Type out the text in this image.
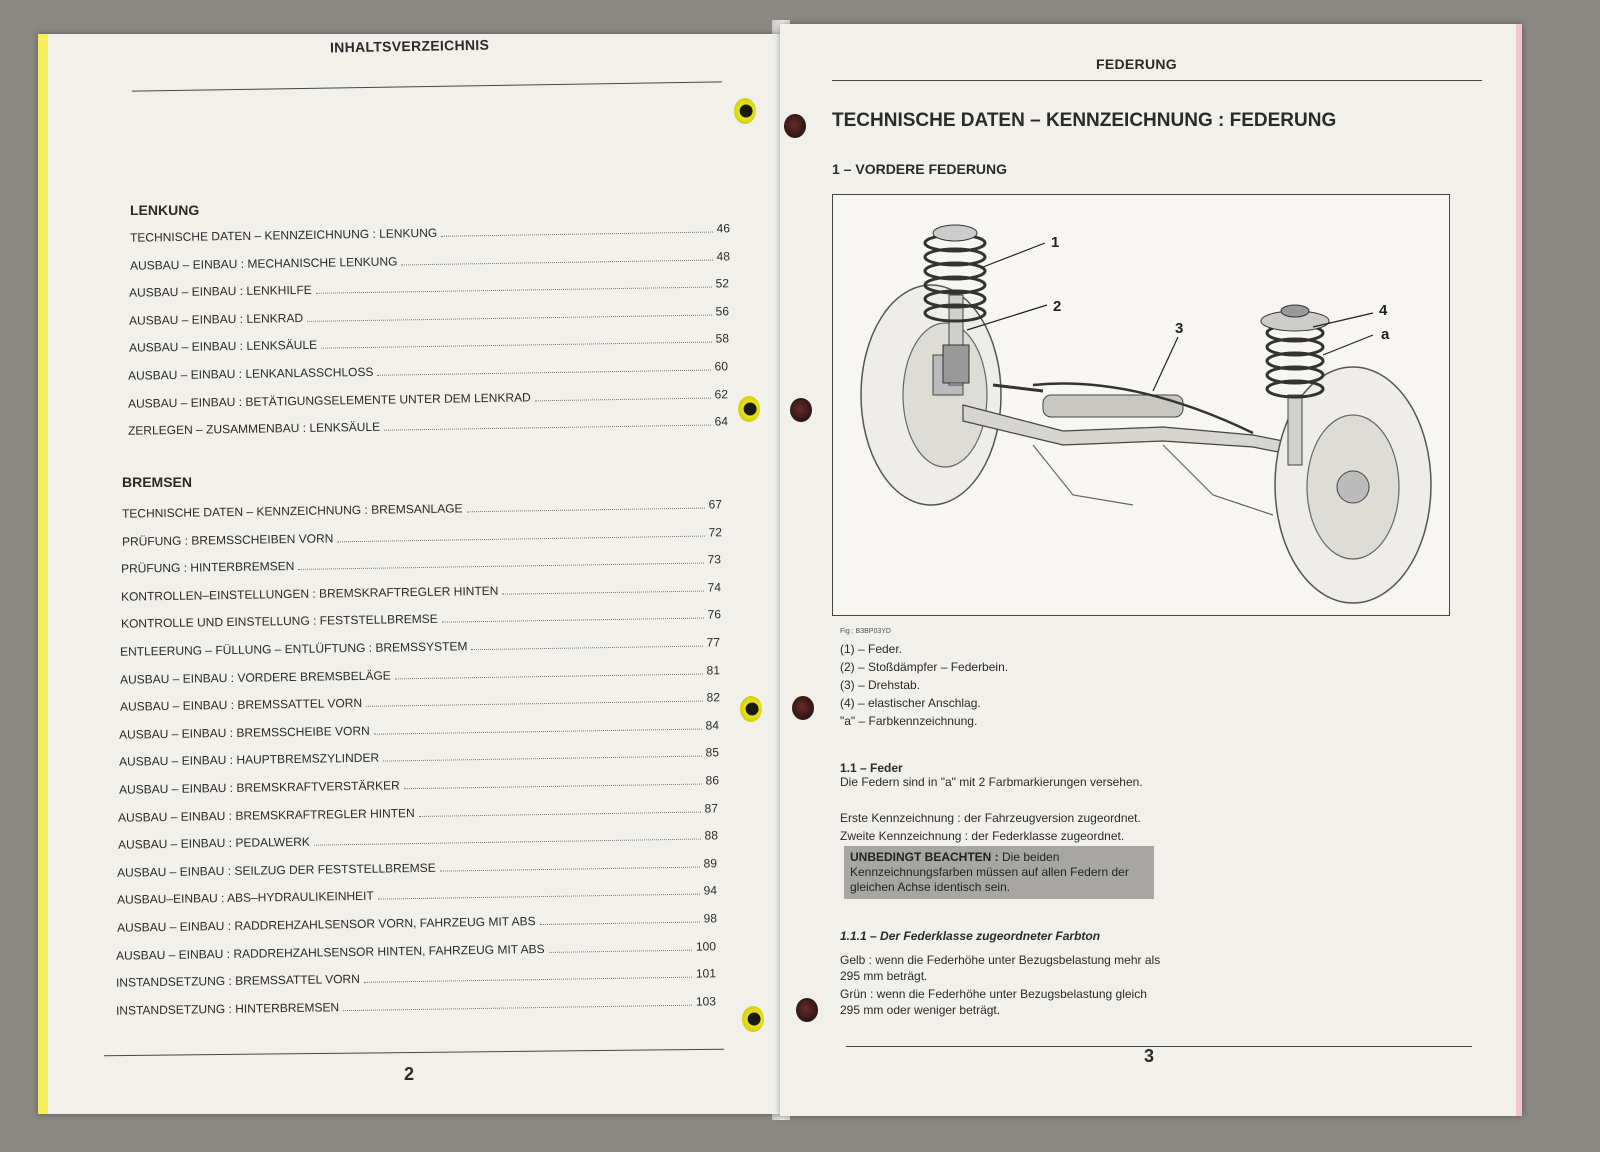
INHALTSVERZEICHNIS
LENKUNG
BREMSEN
TECHNISCHE DATEN – KENNZEICHNUNG : LENKUNG	46
AUSBAU – EINBAU : MECHANISCHE LENKUNG	48
AUSBAU – EINBAU : LENKHILFE	52
AUSBAU – EINBAU : LENKRAD	56
AUSBAU – EINBAU : LENKSÄULE	58
AUSBAU – EINBAU : LENKANLASSCHLOSS	60
AUSBAU – EINBAU : BETÄTIGUNGSELEMENTE UNTER DEM LENKRAD	62
ZERLEGEN – ZUSAMMENBAU : LENKSÄULE	64
TECHNISCHE DATEN – KENNZEICHNUNG : BREMSANLAGE	67
PRÜFUNG : BREMSSCHEIBEN VORN	72
PRÜFUNG : HINTERBREMSEN	73
KONTROLLEN–EINSTELLUNGEN : BREMSKRAFTREGLER HINTEN	74
KONTROLLE UND EINSTELLUNG : FESTSTELLBREMSE	76
ENTLEERUNG – FÜLLUNG – ENTLÜFTUNG : BREMSSYSTEM	77
AUSBAU – EINBAU : VORDERE BREMSBELÄGE	81
AUSBAU – EINBAU : BREMSSATTEL VORN	82
AUSBAU – EINBAU : BREMSSCHEIBE VORN	84
AUSBAU – EINBAU : HAUPTBREMSZYLINDER	85
AUSBAU – EINBAU : BREMSKRAFTVERSTÄRKER	86
AUSBAU – EINBAU : BREMSKRAFTREGLER HINTEN	87
AUSBAU – EINBAU : PEDALWERK	88
AUSBAU – EINBAU : SEILZUG DER FESTSTELLBREMSE	89
AUSBAU–EINBAU : ABS–HYDRAULIKEINHEIT	94
AUSBAU – EINBAU : RADDREHZAHLSENSOR VORN, FAHRZEUG MIT ABS	98
AUSBAU – EINBAU : RADDREHZAHLSENSOR HINTEN, FAHRZEUG MIT ABS	100
INSTANDSETZUNG : BREMSSATTEL VORN	101
INSTANDSETZUNG : HINTERBREMSEN	103
2
FEDERUNG
TECHNISCHE DATEN – KENNZEICHNUNG : FEDERUNG
1 – VORDERE FEDERUNG
1
2
3
4
a
Fig : B3BP03YD
(1) – Feder.
(2) – Stoßdämpfer – Federbein.
(3) – Drehstab.
(4) – elastischer Anschlag.
"a" – Farbkennzeichnung.
1.1 – Feder
Die Federn sind in "a" mit 2 Farbmarkierungen versehen.
Erste Kennzeichnung : der Fahrzeugversion zugeordnet.
Zweite Kennzeichnung : der Federklasse zugeordnet.
UNBEDINGT BEACHTEN : Die beiden Kennzeichnungsfarben müssen auf allen Federn der gleichen Achse identisch sein.
1.1.1 – Der Federklasse zugeordneter Farbton
Gelb : wenn die Federhöhe unter Bezugsbelastung mehr als 295 mm beträgt.
Grün : wenn die Federhöhe unter Bezugsbelastung gleich 295 mm oder weniger beträgt.
3
